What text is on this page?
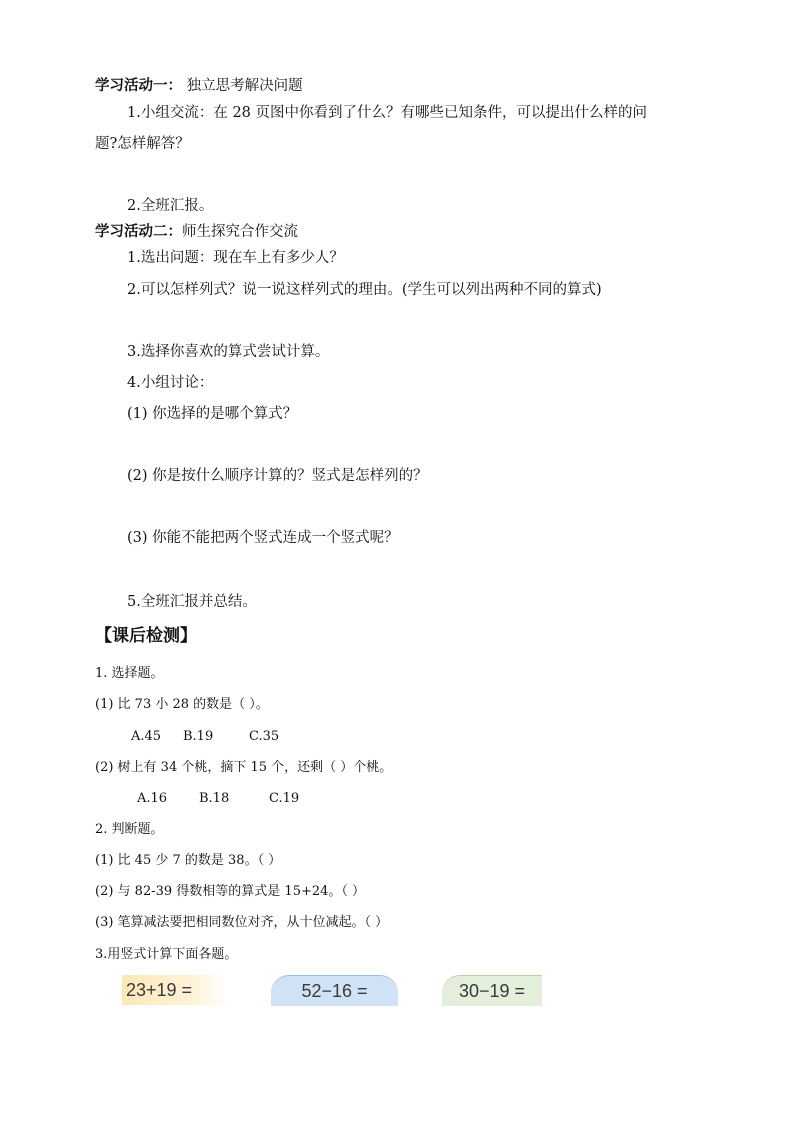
学习活动一： 独立思考解决问题
1.小组交流：在 28 页图中你看到了什么？有哪些已知条件，可以提出什么样的问
题?怎样解答？
2.全班汇报。
学习活动二：师生探究合作交流
1.选出问题：现在车上有多少人？
2.可以怎样列式？说一说这样列式的理由。(学生可以列出两种不同的算式)
3.选择你喜欢的算式尝试计算。
4.小组讨论：
(1) 你选择的是哪个算式？
(2) 你是按什么顺序计算的？竖式是怎样列的？
(3) 你能不能把两个竖式连成一个竖式呢？
5.全班汇报并总结。
【课后检测】
1. 选择题。
(1) 比 73 小 28 的数是（ ）。
A.45 B.19	C.35
(2) 树上有 34 个桃，摘下 15 个，还剩（ ）个桃。
A.16 B.18	C.19
2. 判断题。
(1) 比 45 少 7 的数是 38。（ ）
(2) 与 82-39 得数相等的算式是 15+24。（ ）
(3) 笔算减法要把相同数位对齐，从十位减起。（ ）
3.用竖式计算下面各题。
23+19 =	52−16 =	30−19 =
